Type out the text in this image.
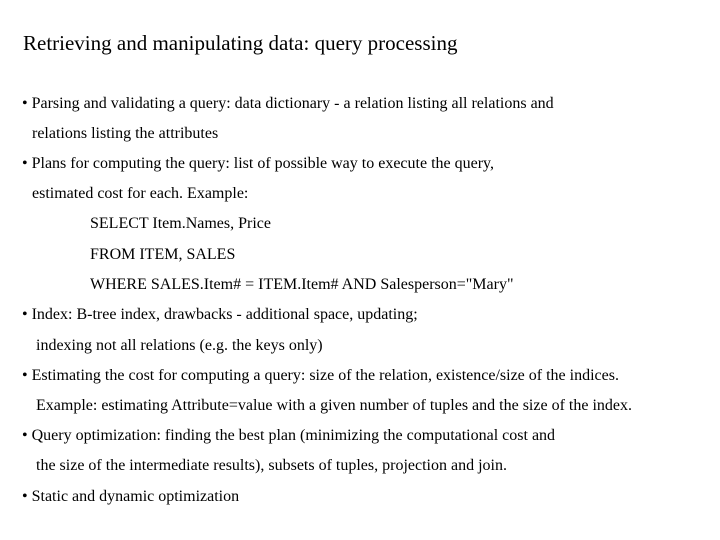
Retrieving and manipulating data: query processing
• Parsing and validating a query: data dictionary - a relation listing all relations and
relations listing the attributes
• Plans for computing the query: list of possible way to execute the query,
estimated cost for each. Example:
SELECT Item.Names, Price
FROM ITEM, SALES
WHERE SALES.Item# = ITEM.Item# AND Salesperson="Mary"
• Index: B-tree index, drawbacks - additional space, updating;
indexing not all relations (e.g. the keys only)
• Estimating the cost for computing a query: size of the relation, existence/size of the indices.
Example: estimating Attribute=value with a given number of tuples and the size of the index.
• Query optimization: finding the best plan (minimizing the computational cost and
the size of the intermediate results), subsets of tuples, projection and join.
• Static and dynamic optimization
